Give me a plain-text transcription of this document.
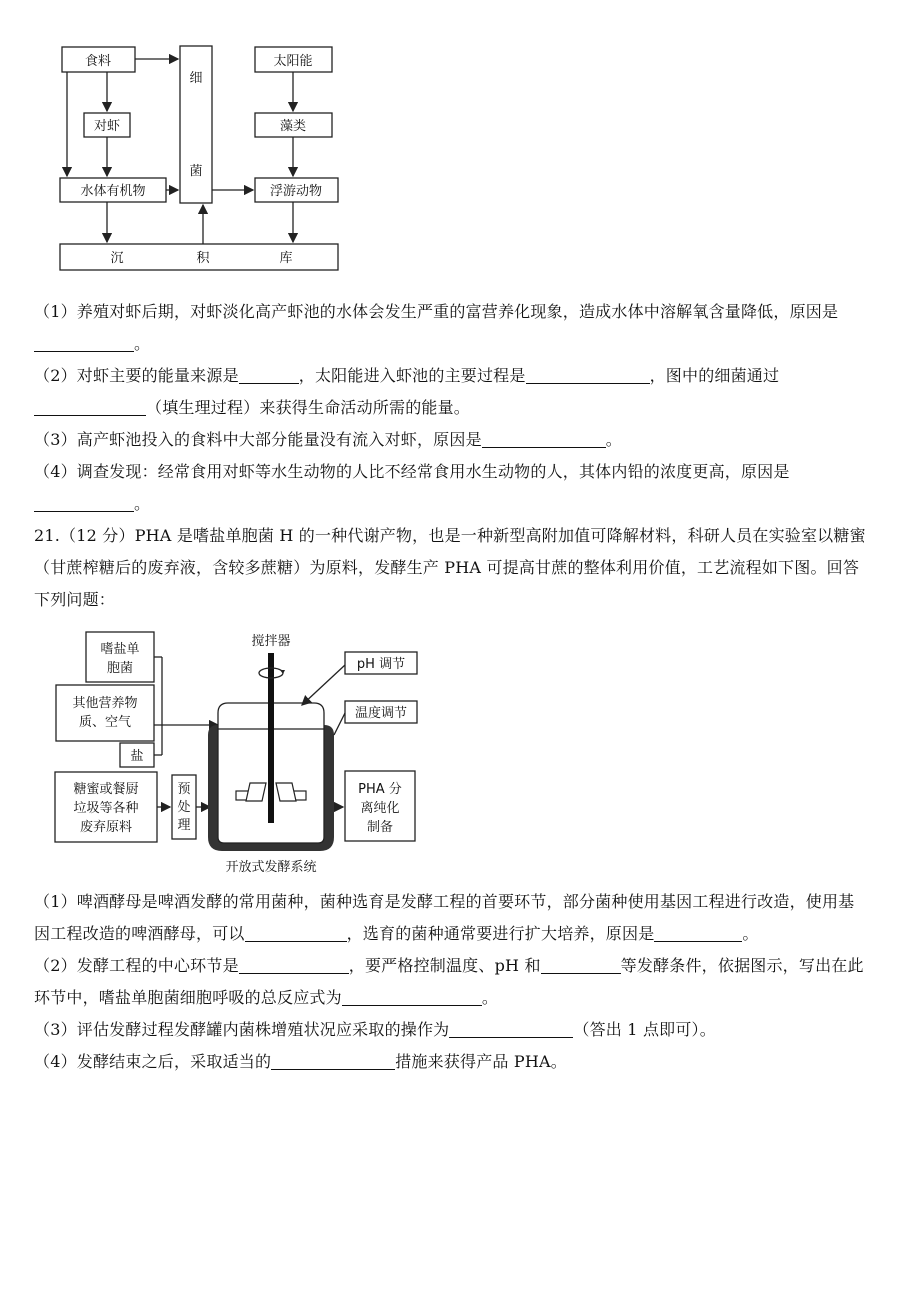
食料
对虾
水体有机物
细
菌
太阳能
藻类
浮游动物
沉	积	库

（1）养殖对虾后期，对虾淡化高产虾池的水体会发生严重的富营养化现象，造成水体中溶解氧含量降低，原因是。

（2）对虾主要的能量来源是	，太阳能进入虾池的主要过程是	，图中的细菌通过
（填生理过程）来获得生命活动所需的能量。

（3）高产虾池投入的食料中大部分能量没有流入对虾，原因是	。

（4）调查发现：经常食用对虾等水生动物的人比不经常食用水生动物的人，其体内铅的浓度更高，原因是。

21.（12 分）PHA 是嗜盐单胞菌 H 的一种代谢产物，也是一种新型高附加值可降解材料，科研人员在实验室以糖蜜（甘蔗榨糖后的废弃液，含较多蔗糖）为原料，发酵生产 PHA 可提高甘蔗的整体利用价值，工艺流程如下图。回答下列问题：

嗜盐单
胞菌
其他营养物
质、空气
盐
糖蜜或餐厨
垃圾等各种
废弃原料
预
处
理
搅拌器
pH 调节
温度调节
PHA 分
离纯化
制备
开放式发酵系统

（1）啤酒酵母是啤酒发酵的常用菌种，菌种选育是发酵工程的首要环节，部分菌种使用基因工程进行改造，使用基因工程改造的啤酒酵母，可以	，选育的菌种通常要进行扩大培养，原因是	。

（2）发酵工程的中心环节是	，要严格控制温度、pH 和	等发酵条件，依据图示，写出在此环节中，嗜盐单胞菌细胞呼吸的总反应式为	。

（3）评估发酵过程发酵罐内菌株增殖状况应采取的操作为	（答出 1 点即可）。

（4）发酵结束之后，采取适当的	措施来获得产品 PHA。
